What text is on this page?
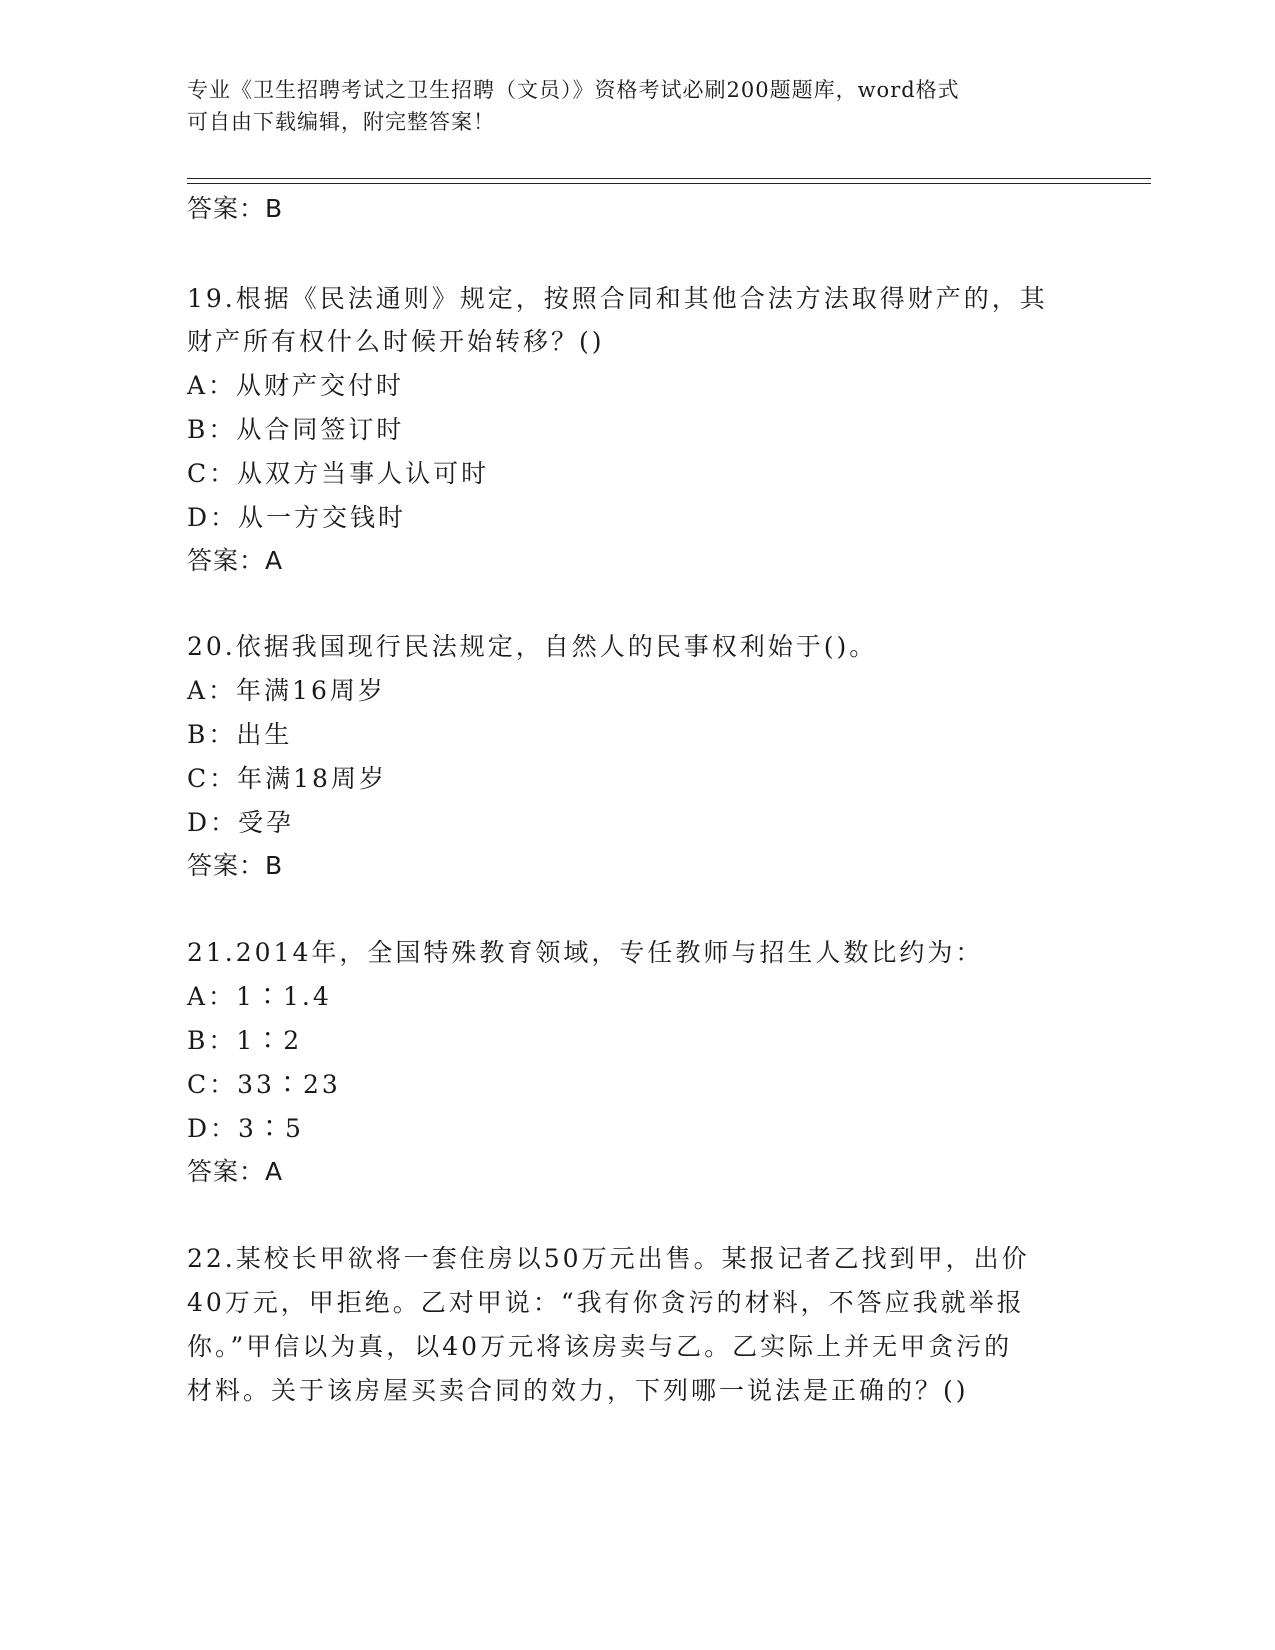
专业《卫生招聘考试之卫生招聘（文员）》资格考试必刷200题题库，word格式
可自由下载编辑，附完整答案！
答案：B
19.根据《民法通则》规定，按照合同和其他合法方法取得财产的，其
财产所有权什么时候开始转移？()
A：从财产交付时
B：从合同签订时
C：从双方当事人认可时
D：从一方交钱时
答案：A
20.依据我国现行民法规定，自然人的民事权利始于()。
A：年满16周岁
B：出生
C：年满18周岁
D：受孕
答案：B
21.2014年，全国特殊教育领域，专任教师与招生人数比约为：
A：1∶1.4
B：1∶2
C：33∶23
D：3∶5
答案：A
22.某校长甲欲将一套住房以50万元出售。某报记者乙找到甲，出价
40万元，甲拒绝。乙对甲说：“我有你贪污的材料，不答应我就举报
你。”甲信以为真，以40万元将该房卖与乙。乙实际上并无甲贪污的
材料。关于该房屋买卖合同的效力，下列哪一说法是正确的？()
